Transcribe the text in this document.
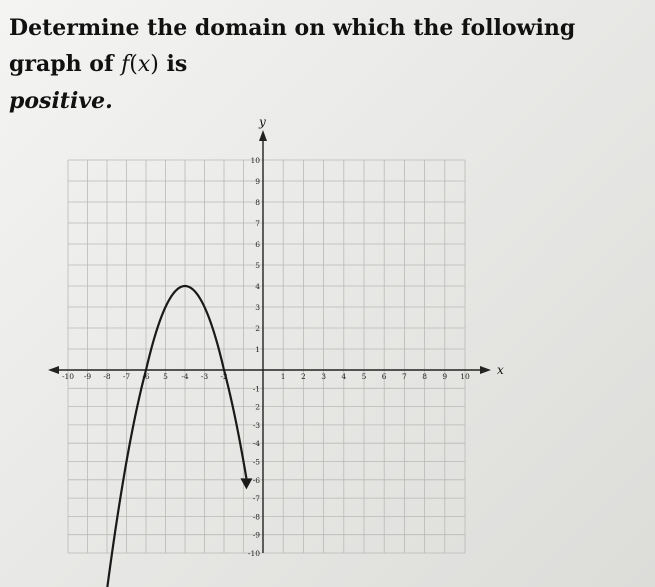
Determine the domain on which the following graph of f(x) is
positive.
x
y
-10 -9 -8 -7 -6 5 -4 -3 -2	1 2 3 4 5 6 7 8 9 10
-10
-9
-8
-7
-6
-5
-4
-3
2
-1
1
2
3
4
5
6
7
8
9
10
